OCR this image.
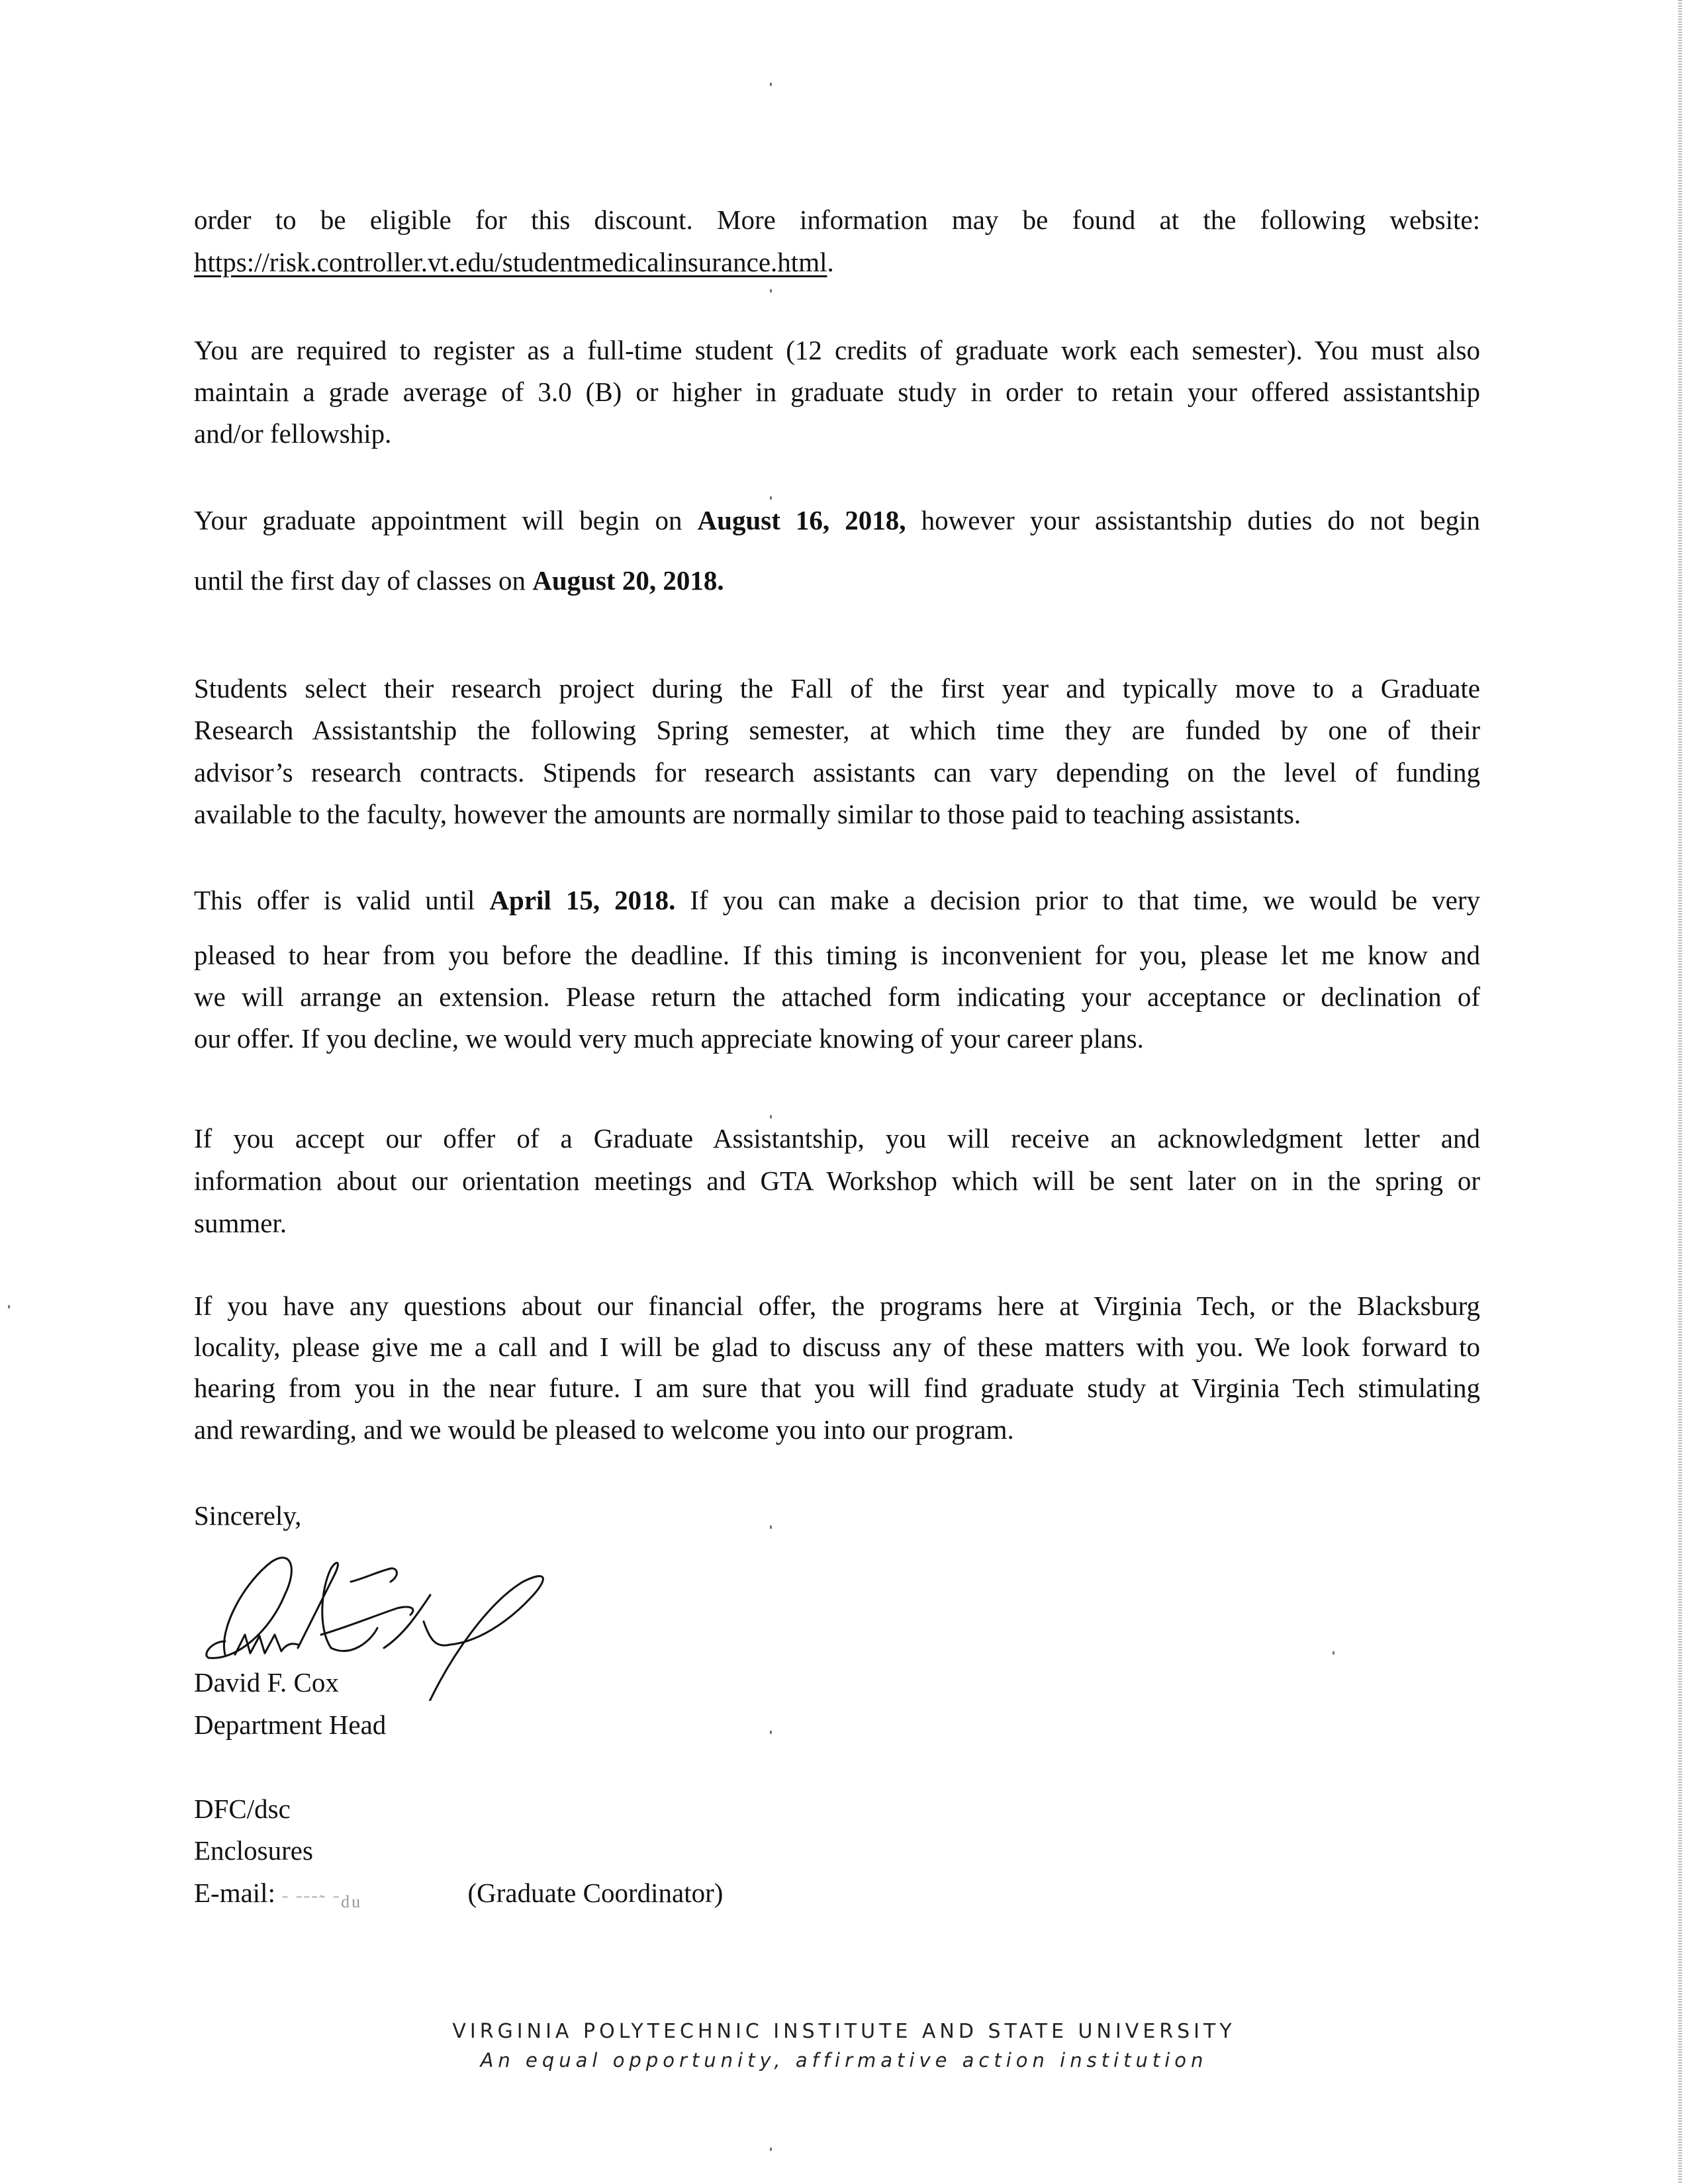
order to be eligible for this discount. More information may be found at the following website:
https://risk.controller.vt.edu/studentmedicalinsurance.html.
You are required to register as a full-time student (12 credits of graduate work each semester). You must also
maintain a grade average of 3.0 (B) or higher in graduate study in order to retain your offered assistantship
and/or fellowship.
Your graduate appointment will begin on August 16, 2018, however your assistantship duties do not begin
until the first day of classes on August 20, 2018.
Students select their research project during the Fall of the first year and typically move to a Graduate
Research Assistantship the following Spring semester, at which time they are funded by one of their
advisor’s research contracts. Stipends for research assistants can vary depending on the level of funding
available to the faculty, however the amounts are normally similar to those paid to teaching assistants.
This offer is valid until April 15, 2018. If you can make a decision prior to that time, we would be very
pleased to hear from you before the deadline. If this timing is inconvenient for you, please let me know and
we will arrange an extension. Please return the attached form indicating your acceptance or declination of
our offer. If you decline, we would very much appreciate knowing of your career plans.
If you accept our offer of a Graduate Assistantship, you will receive an acknowledgment letter and
information about our orientation meetings and GTA Workshop which will be sent later on in the spring or
summer.
If you have any questions about our financial offer, the programs here at Virginia Tech, or the Blacksburg
locality, please give me a call and I will be glad to discuss any of these matters with you. We look forward to
hearing from you in the near future. I am sure that you will find graduate study at Virginia Tech stimulating
and rewarding, and we would be pleased to welcome you into our program.
Sincerely,
David F. Cox
Department Head
DFC/dsc
Enclosures
E-mail: ˉ ˉˉˉ˜ ˉdu	(Graduate Coordinator)
VIRGINIA POLYTECHNIC INSTITUTE AND STATE UNIVERSITY
An equal opportunity, affirmative action institution
